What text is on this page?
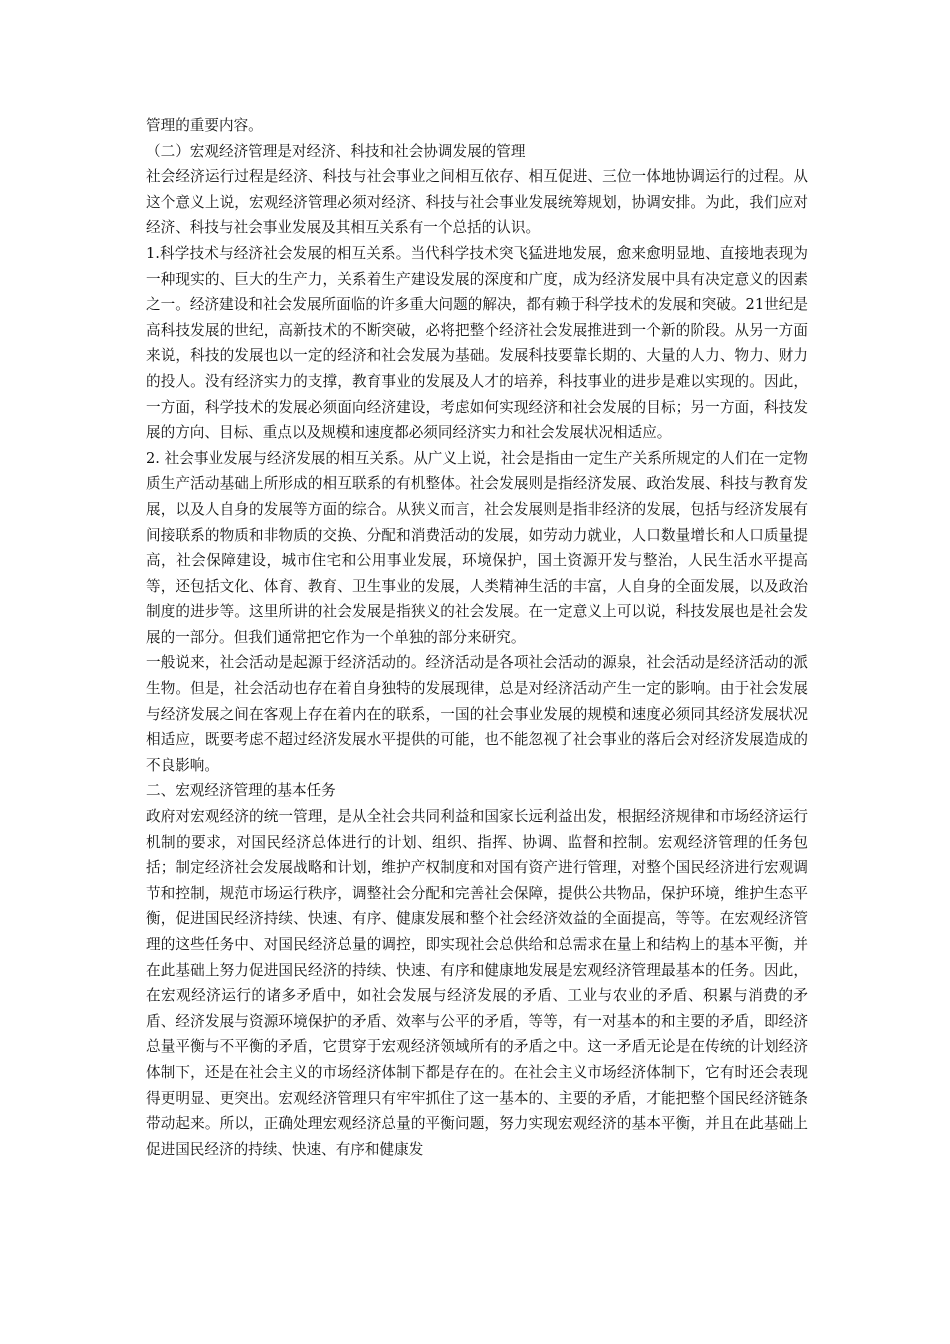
管理的重要内容。

（二）宏观经济管理是对经济、科技和社会协调发展的管理

社会经济运行过程是经济、科技与社会事业之间相互依存、相互促进、三位一体地协调运行的过程。从这个意义上说，宏观经济管理必须对经济、科技与社会事业发展统筹规划，协调安排。为此，我们应对经济、科技与社会事业发展及其相互关系有一个总括的认识。

1.科学技术与经济社会发展的相互关系。当代科学技术突飞猛进地发展，愈来愈明显地、直接地表现为一种现实的、巨大的生产力，关系着生产建设发展的深度和广度，成为经济发展中具有决定意义的因素之一。经济建设和社会发展所面临的许多重大问题的解决，都有赖于科学技术的发展和突破。21世纪是高科技发展的世纪，高新技术的不断突破，必将把整个经济社会发展推进到一个新的阶段。从另一方面来说，科技的发展也以一定的经济和社会发展为基础。发展科技要靠长期的、大量的人力、物力、财力的投人。没有经济实力的支撑，教育事业的发展及人才的培养，科技事业的进步是难以实现的。因此，一方面，科学技术的发展必须面向经济建设，考虑如何实现经济和社会发展的目标；另一方面，科技发展的方向、目标、重点以及规模和速度都必须同经济实力和社会发展状况相适应。

2. 社会事业发展与经济发展的相互关系。从广义上说，社会是指由一定生产关系所规定的人们在一定物质生产活动基础上所形成的相互联系的有机整体。社会发展则是指经济发展、政治发展、科技与教育发展，以及人自身的发展等方面的综合。从狭义而言，社会发展则是指非经济的发展，包括与经济发展有间接联系的物质和非物质的交换、分配和消费活动的发展，如劳动力就业，人口数量增长和人口质量提高，社会保障建设，城市住宅和公用事业发展，环境保护，国土资源开发与整治，人民生活水平提高等，还包括文化、体育、教育、卫生事业的发展，人类精神生活的丰富，人自身的全面发展，以及政治制度的进步等。这里所讲的社会发展是指狭义的社会发展。在一定意义上可以说，科技发展也是社会发展的一部分。但我们通常把它作为一个单独的部分来研究。

一般说来，社会活动是起源于经济活动的。经济活动是各项社会活动的源泉，社会活动是经济活动的派生物。但是，社会活动也存在着自身独特的发展现律，总是对经济活动产生一定的影响。由于社会发展与经济发展之间在客观上存在着内在的联系，一国的社会事业发展的规模和速度必须同其经济发展状况相适应，既要考虑不超过经济发展水平提供的可能，也不能忽视了社会事业的落后会对经济发展造成的不良影响。

二、宏观经济管理的基本任务

政府对宏观经济的统一管理，是从全社会共同利益和国家长远利益出发，根据经济规律和市场经济运行机制的要求，对国民经济总体进行的计划、组织、指挥、协调、监督和控制。宏观经济管理的任务包括；制定经济社会发展战略和计划，维护产权制度和对国有资产进行管理，对整个国民经济进行宏观调节和控制，规范市场运行秩序，调整社会分配和完善社会保障，提供公共物品，保护环境，维护生态平衡，促进国民经济持续、快速、有序、健康发展和整个社会经济效益的全面提高，等等。在宏观经济管理的这些任务中、对国民经济总量的调控，即实现社会总供给和总需求在量上和结构上的基本平衡，并在此基础上努力促进国民经济的持续、快速、有序和健康地发展是宏观经济管理最基本的任务。因此，在宏观经济运行的诸多矛盾中，如社会发展与经济发展的矛盾、工业与农业的矛盾、积累与消费的矛盾、经济发展与资源环境保护的矛盾、效率与公平的矛盾，等等，有一对基本的和主要的矛盾，即经济总量平衡与不平衡的矛盾，它贯穿于宏观经济领域所有的矛盾之中。这一矛盾无论是在传统的计划经济体制下，还是在社会主义的市场经济体制下都是存在的。在社会主义市场经济体制下，它有时还会表现得更明显、更突出。宏观经济管理只有牢牢抓住了这一基本的、主要的矛盾，才能把整个国民经济链条带动起来。所以，正确处理宏观经济总量的平衡问题，努力实现宏观经济的基本平衡，并且在此基础上促进国民经济的持续、快速、有序和健康发
